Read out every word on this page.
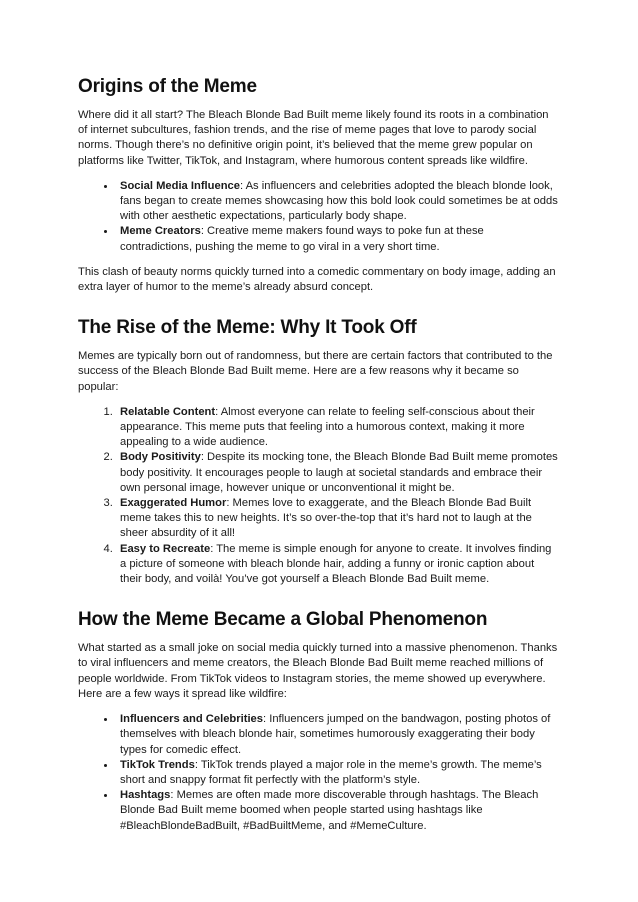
Origins of the Meme

Where did it all start? The Bleach Blonde Bad Built meme likely found its roots in a combination of internet subcultures, fashion trends, and the rise of meme pages that love to parody social norms. Though there’s no definitive origin point, it’s believed that the meme grew popular on platforms like Twitter, TikTok, and Instagram, where humorous content spreads like wildfire.

• Social Media Influence: As influencers and celebrities adopted the bleach blonde look, fans began to create memes showcasing how this bold look could sometimes be at odds with other aesthetic expectations, particularly body shape.
• Meme Creators: Creative meme makers found ways to poke fun at these contradictions, pushing the meme to go viral in a very short time.

This clash of beauty norms quickly turned into a comedic commentary on body image, adding an extra layer of humor to the meme’s already absurd concept.

The Rise of the Meme: Why It Took Off

Memes are typically born out of randomness, but there are certain factors that contributed to the success of the Bleach Blonde Bad Built meme. Here are a few reasons why it became so popular:

1. Relatable Content: Almost everyone can relate to feeling self-conscious about their appearance. This meme puts that feeling into a humorous context, making it more appealing to a wide audience.
2. Body Positivity: Despite its mocking tone, the Bleach Blonde Bad Built meme promotes body positivity. It encourages people to laugh at societal standards and embrace their own personal image, however unique or unconventional it might be.
3. Exaggerated Humor: Memes love to exaggerate, and the Bleach Blonde Bad Built meme takes this to new heights. It’s so over-the-top that it’s hard not to laugh at the sheer absurdity of it all!
4. Easy to Recreate: The meme is simple enough for anyone to create. It involves finding a picture of someone with bleach blonde hair, adding a funny or ironic caption about their body, and voilà! You’ve got yourself a Bleach Blonde Bad Built meme.
How the Meme Became a Global Phenomenon

What started as a small joke on social media quickly turned into a massive phenomenon. Thanks to viral influencers and meme creators, the Bleach Blonde Bad Built meme reached millions of people worldwide. From TikTok videos to Instagram stories, the meme showed up everywhere. Here are a few ways it spread like wildfire:

• Influencers and Celebrities: Influencers jumped on the bandwagon, posting photos of themselves with bleach blonde hair, sometimes humorously exaggerating their body types for comedic effect.
• TikTok Trends: TikTok trends played a major role in the meme’s growth. The meme’s short and snappy format fit perfectly with the platform’s style.
• Hashtags: Memes are often made more discoverable through hashtags. The Bleach Blonde Bad Built meme boomed when people started using hashtags like #BleachBlondeBadBuilt, #BadBuiltMeme, and #MemeCulture.
